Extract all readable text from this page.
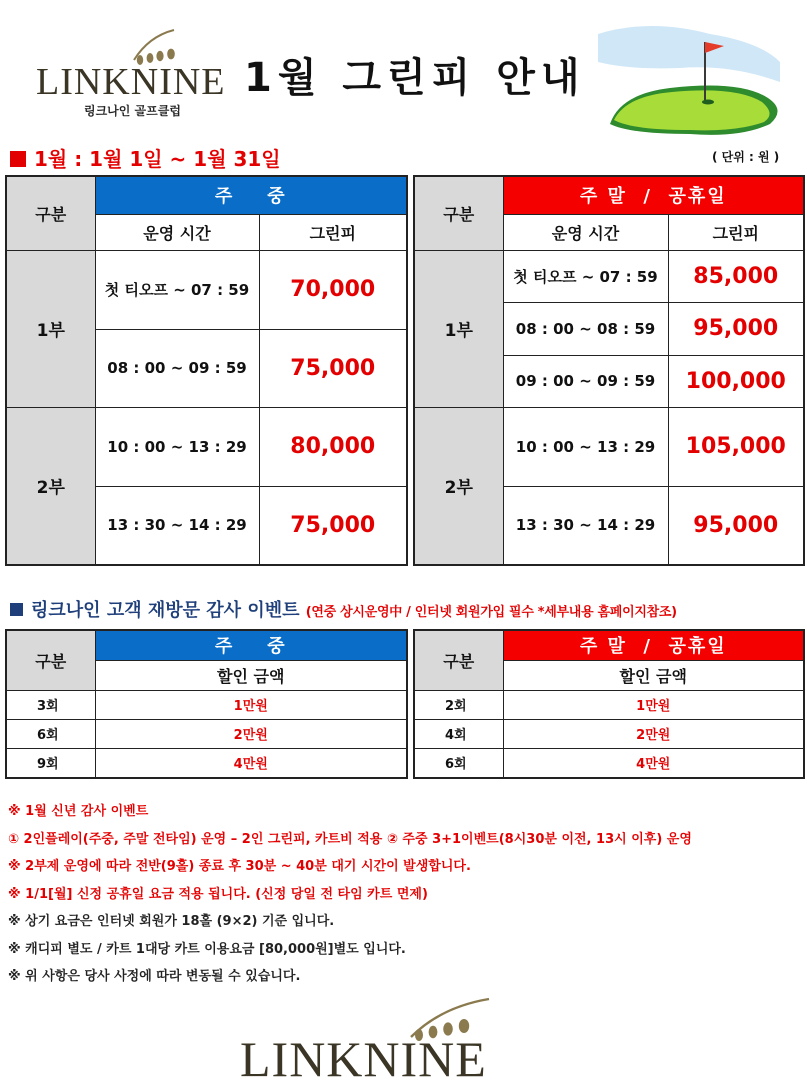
LINKNINE
링크나인 골프클럽
1월 그린피 안내
1월 : 1월 1일 ~ 1월 31일	( 단위 : 원 )
구분	주    중	
	운영 시간	그린피
1부	첫 티오프 ~ 07 : 59	70,000
	08 : 00 ~ 09 : 59	75,000
2부	10 : 00 ~ 13 : 29	80,000
	13 : 30 ~ 14 : 29	75,000
구분	주 말  /  공휴일	
	운영 시간	그린피
1부	첫 티오프 ~ 07 : 59	85,000
	08 : 00 ~ 08 : 59	95,000
	09 : 00 ~ 09 : 59	100,000
2부	10 : 00 ~ 13 : 29	105,000
	13 : 30 ~ 14 : 29	95,000
링크나인 고객 재방문 감사 이벤트 (연중 상시운영中 / 인터넷 회원가입 필수 *세부내용 홈페이지참조)
구분	주    중
	할인 금액
3회	1만원
6회	2만원
9회	4만원
구분	주 말  /  공휴일
	할인 금액
2회	1만원
4회	2만원
6회	4만원
※ 1월 신년 감사 이벤트
① 2인플레이(주중, 주말 전타임) 운영 – 2인 그린피, 카트비 적용 ② 주중 3+1이벤트(8시30분 이전, 13시 이후) 운영
※ 2부제 운영에 따라 전반(9홀) 종료 후 30분 ~ 40분 대기 시간이 발생합니다.
※ 1/1[월] 신정 공휴일 요금 적용 됩니다. (신정 당일 전 타임 카트 면제)
※ 상기 요금은 인터넷 회원가 18홀 (9×2) 기준 입니다.
※ 캐디피 별도 / 카트 1대당 카트 이용요금 [80,000원]별도 입니다.
※ 위 사항은 당사 사정에 따라 변동될 수 있습니다.
LINKNINE
